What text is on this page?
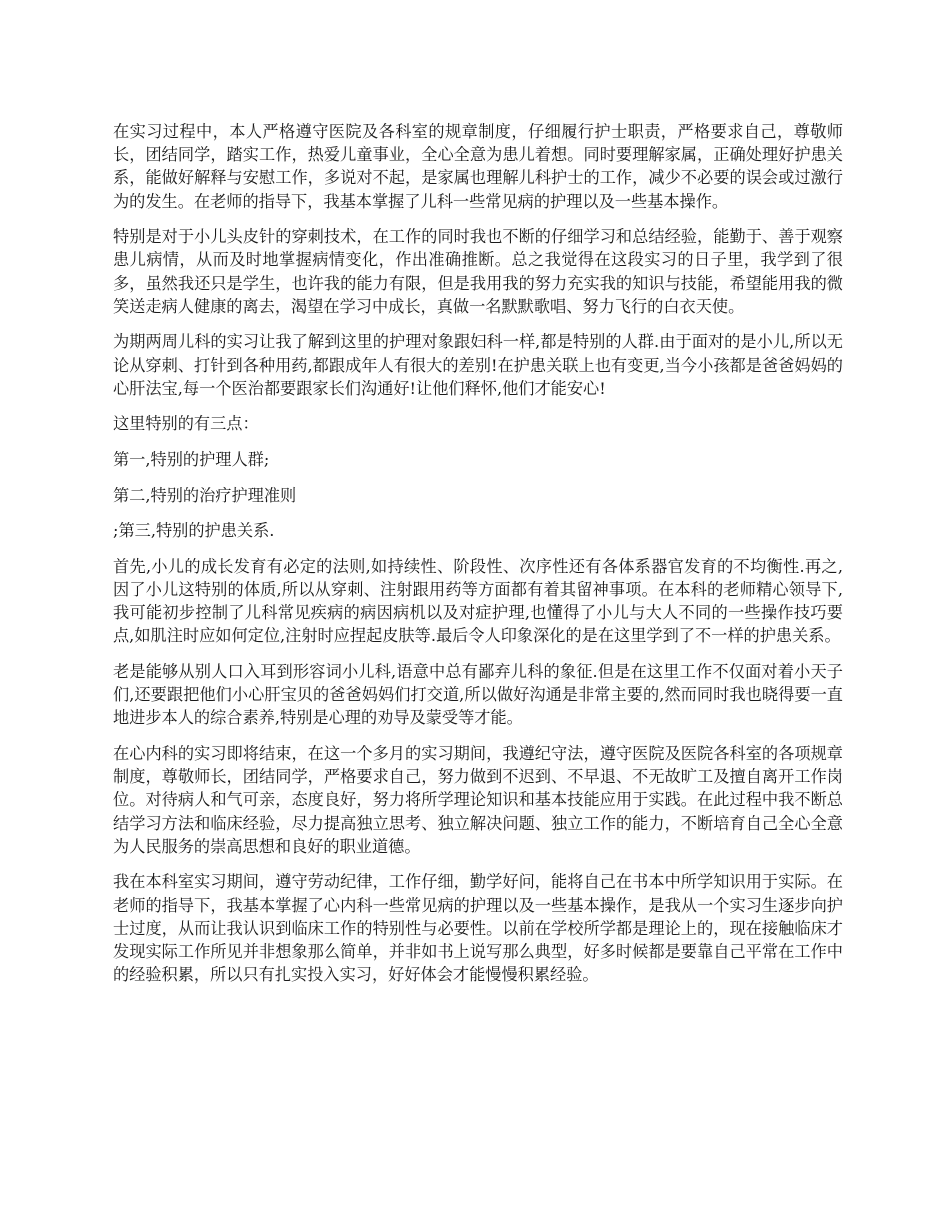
在实习过程中，本人严格遵守医院及各科室的规章制度，仔细履行护士职责，严格要求自己，尊敬师长，团结同学，踏实工作，热爱儿童事业，全心全意为患儿着想。同时要理解家属，正确处理好护患关系，能做好解释与安慰工作，多说对不起，是家属也理解儿科护士的工作，减少不必要的误会或过激行为的发生。在老师的指导下，我基本掌握了儿科一些常见病的护理以及一些基本操作。

特别是对于小儿头皮针的穿刺技术，在工作的同时我也不断的仔细学习和总结经验，能勤于、善于观察患儿病情，从而及时地掌握病情变化，作出准确推断。总之我觉得在这段实习的日子里，我学到了很多，虽然我还只是学生，也许我的能力有限，但是我用我的努力充实我的知识与技能，希望能用我的微笑送走病人健康的离去，渴望在学习中成长，真做一名默默歌唱、努力飞行的白衣天使。

为期两周儿科的实习让我了解到这里的护理对象跟妇科一样,都是特别的人群.由于面对的是小儿,所以无论从穿刺、打针到各种用药,都跟成年人有很大的差别!在护患关联上也有变更,当今小孩都是爸爸妈妈的心肝法宝,每一个医治都要跟家长们沟通好!让他们释怀,他们才能安心!

这里特别的有三点：

第一,特别的护理人群;

第二,特别的治疗护理准则

;第三,特别的护患关系.

首先,小儿的成长发育有必定的法则,如持续性、阶段性、次序性还有各体系器官发育的不均衡性.再之,因了小儿这特别的体质,所以从穿刺、注射跟用药等方面都有着其留神事项。在本科的老师精心领导下,我可能初步控制了儿科常见疾病的病因病机以及对症护理,也懂得了小儿与大人不同的一些操作技巧要点,如肌注时应如何定位,注射时应捏起皮肤等.最后令人印象深化的是在这里学到了不一样的护患关系。

老是能够从别人口入耳到形容词小儿科,语意中总有鄙弃儿科的象征.但是在这里工作不仅面对着小天子们,还要跟把他们小心肝宝贝的爸爸妈妈们打交道,所以做好沟通是非常主要的,然而同时我也晓得要一直地进步本人的综合素养,特别是心理的劝导及蒙受等才能。

在心内科的实习即将结束，在这一个多月的实习期间，我遵纪守法，遵守医院及医院各科室的各项规章制度，尊敬师长，团结同学，严格要求自己，努力做到不迟到、不早退、不无故旷工及擅自离开工作岗位。对待病人和气可亲，态度良好，努力将所学理论知识和基本技能应用于实践。在此过程中我不断总结学习方法和临床经验，尽力提高独立思考、独立解决问题、独立工作的能力，不断培育自己全心全意为人民服务的崇高思想和良好的职业道德。

我在本科室实习期间，遵守劳动纪律，工作仔细，勤学好问，能将自己在书本中所学知识用于实际。在老师的指导下，我基本掌握了心内科一些常见病的护理以及一些基本操作，是我从一个实习生逐步向护士过度，从而让我认识到临床工作的特别性与必要性。以前在学校所学都是理论上的，现在接触临床才发现实际工作所见并非想象那么简单，并非如书上说写那么典型，好多时候都是要靠自己平常在工作中的经验积累，所以只有扎实投入实习，好好体会才能慢慢积累经验。
